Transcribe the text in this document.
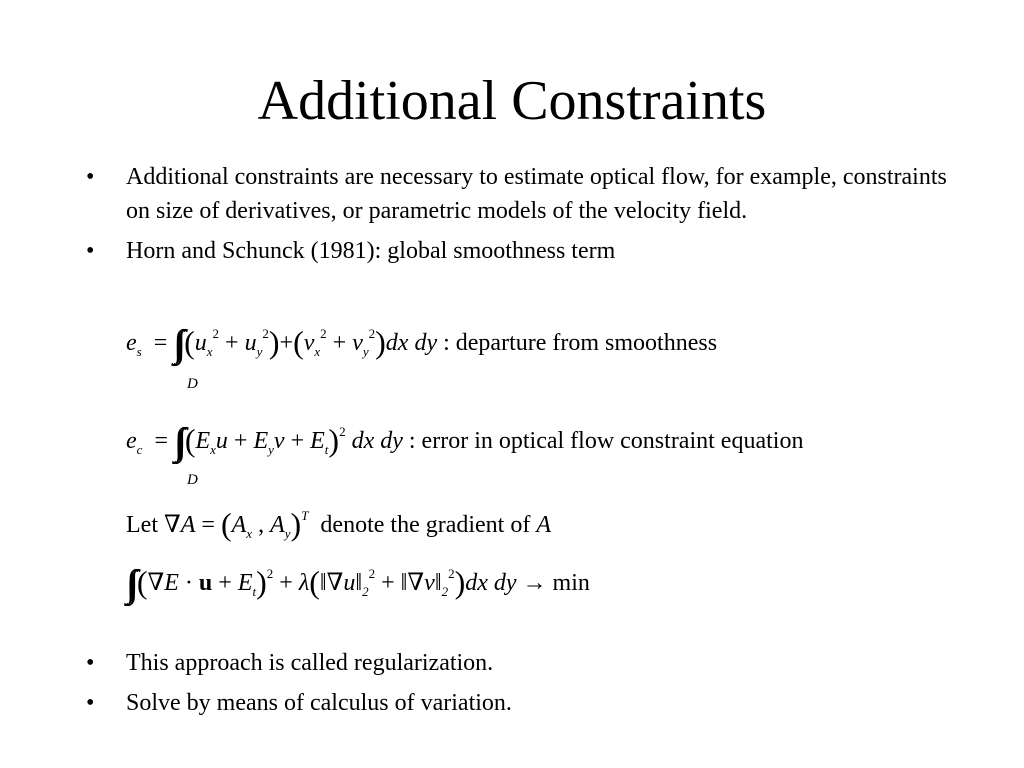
Additional Constraints
• Additional constraints are necessary to estimate optical flow, for example, constraints on size of derivatives, or parametric models of the velocity field.
• Horn and Schunck (1981): global smoothness term
$e_s$  = ∫∫ $(u_x^2 + u_y^2)+(v_x^2 + v_y^2)dx$ dy : departure from smoothness
D
$e_c$  = ∫∫ $(E_xu + E_yv + E_t)^2$ dx dy : error in optical flow constraint equation
D
Let $\nabla A = (A_x$ , $A_y)^T$ denote the gradient of A
∫∫ $(\nabla E \cdot u + E_t)^2$ + $\lambda(‖\nabla u‖_2^2$ + $‖\nabla v‖_2^2)dx$ dy → min
• This approach is called regularization.
• Solve by means of calculus of variation.
